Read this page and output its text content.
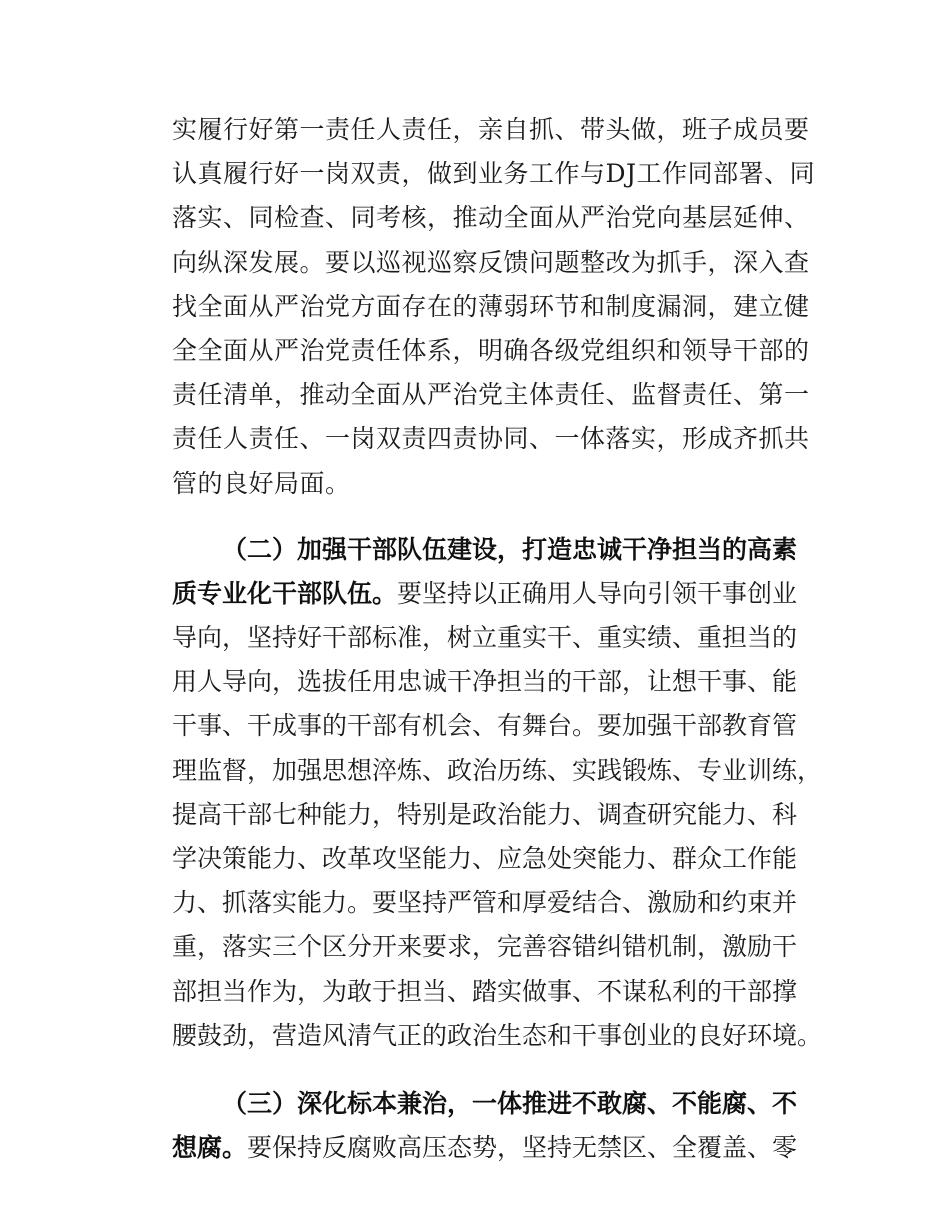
实履行好第一责任人责任，亲自抓、带头做，班子成员要
认真履行好一岗双责，做到业务工作与DJ工作同部署、同
落实、同检查、同考核，推动全面从严治党向基层延伸、
向纵深发展。要以巡视巡察反馈问题整改为抓手，深入查
找全面从严治党方面存在的薄弱环节和制度漏洞，建立健
全全面从严治党责任体系，明确各级党组织和领导干部的
责任清单，推动全面从严治党主体责任、监督责任、第一
责任人责任、一岗双责四责协同、一体落实，形成齐抓共
管的良好局面。
（二）加强干部队伍建设，打造忠诚干净担当的高素
质专业化干部队伍。要坚持以正确用人导向引领干事创业
导向，坚持好干部标准，树立重实干、重实绩、重担当的
用人导向，选拔任用忠诚干净担当的干部，让想干事、能
干事、干成事的干部有机会、有舞台。要加强干部教育管
理监督，加强思想淬炼、政治历练、实践锻炼、专业训练，
提高干部七种能力，特别是政治能力、调查研究能力、科
学决策能力、改革攻坚能力、应急处突能力、群众工作能
力、抓落实能力。要坚持严管和厚爱结合、激励和约束并
重，落实三个区分开来要求，完善容错纠错机制，激励干
部担当作为，为敢于担当、踏实做事、不谋私利的干部撑
腰鼓劲，营造风清气正的政治生态和干事创业的良好环境。
（三）深化标本兼治，一体推进不敢腐、不能腐、不
想腐。要保持反腐败高压态势，坚持无禁区、全覆盖、零
